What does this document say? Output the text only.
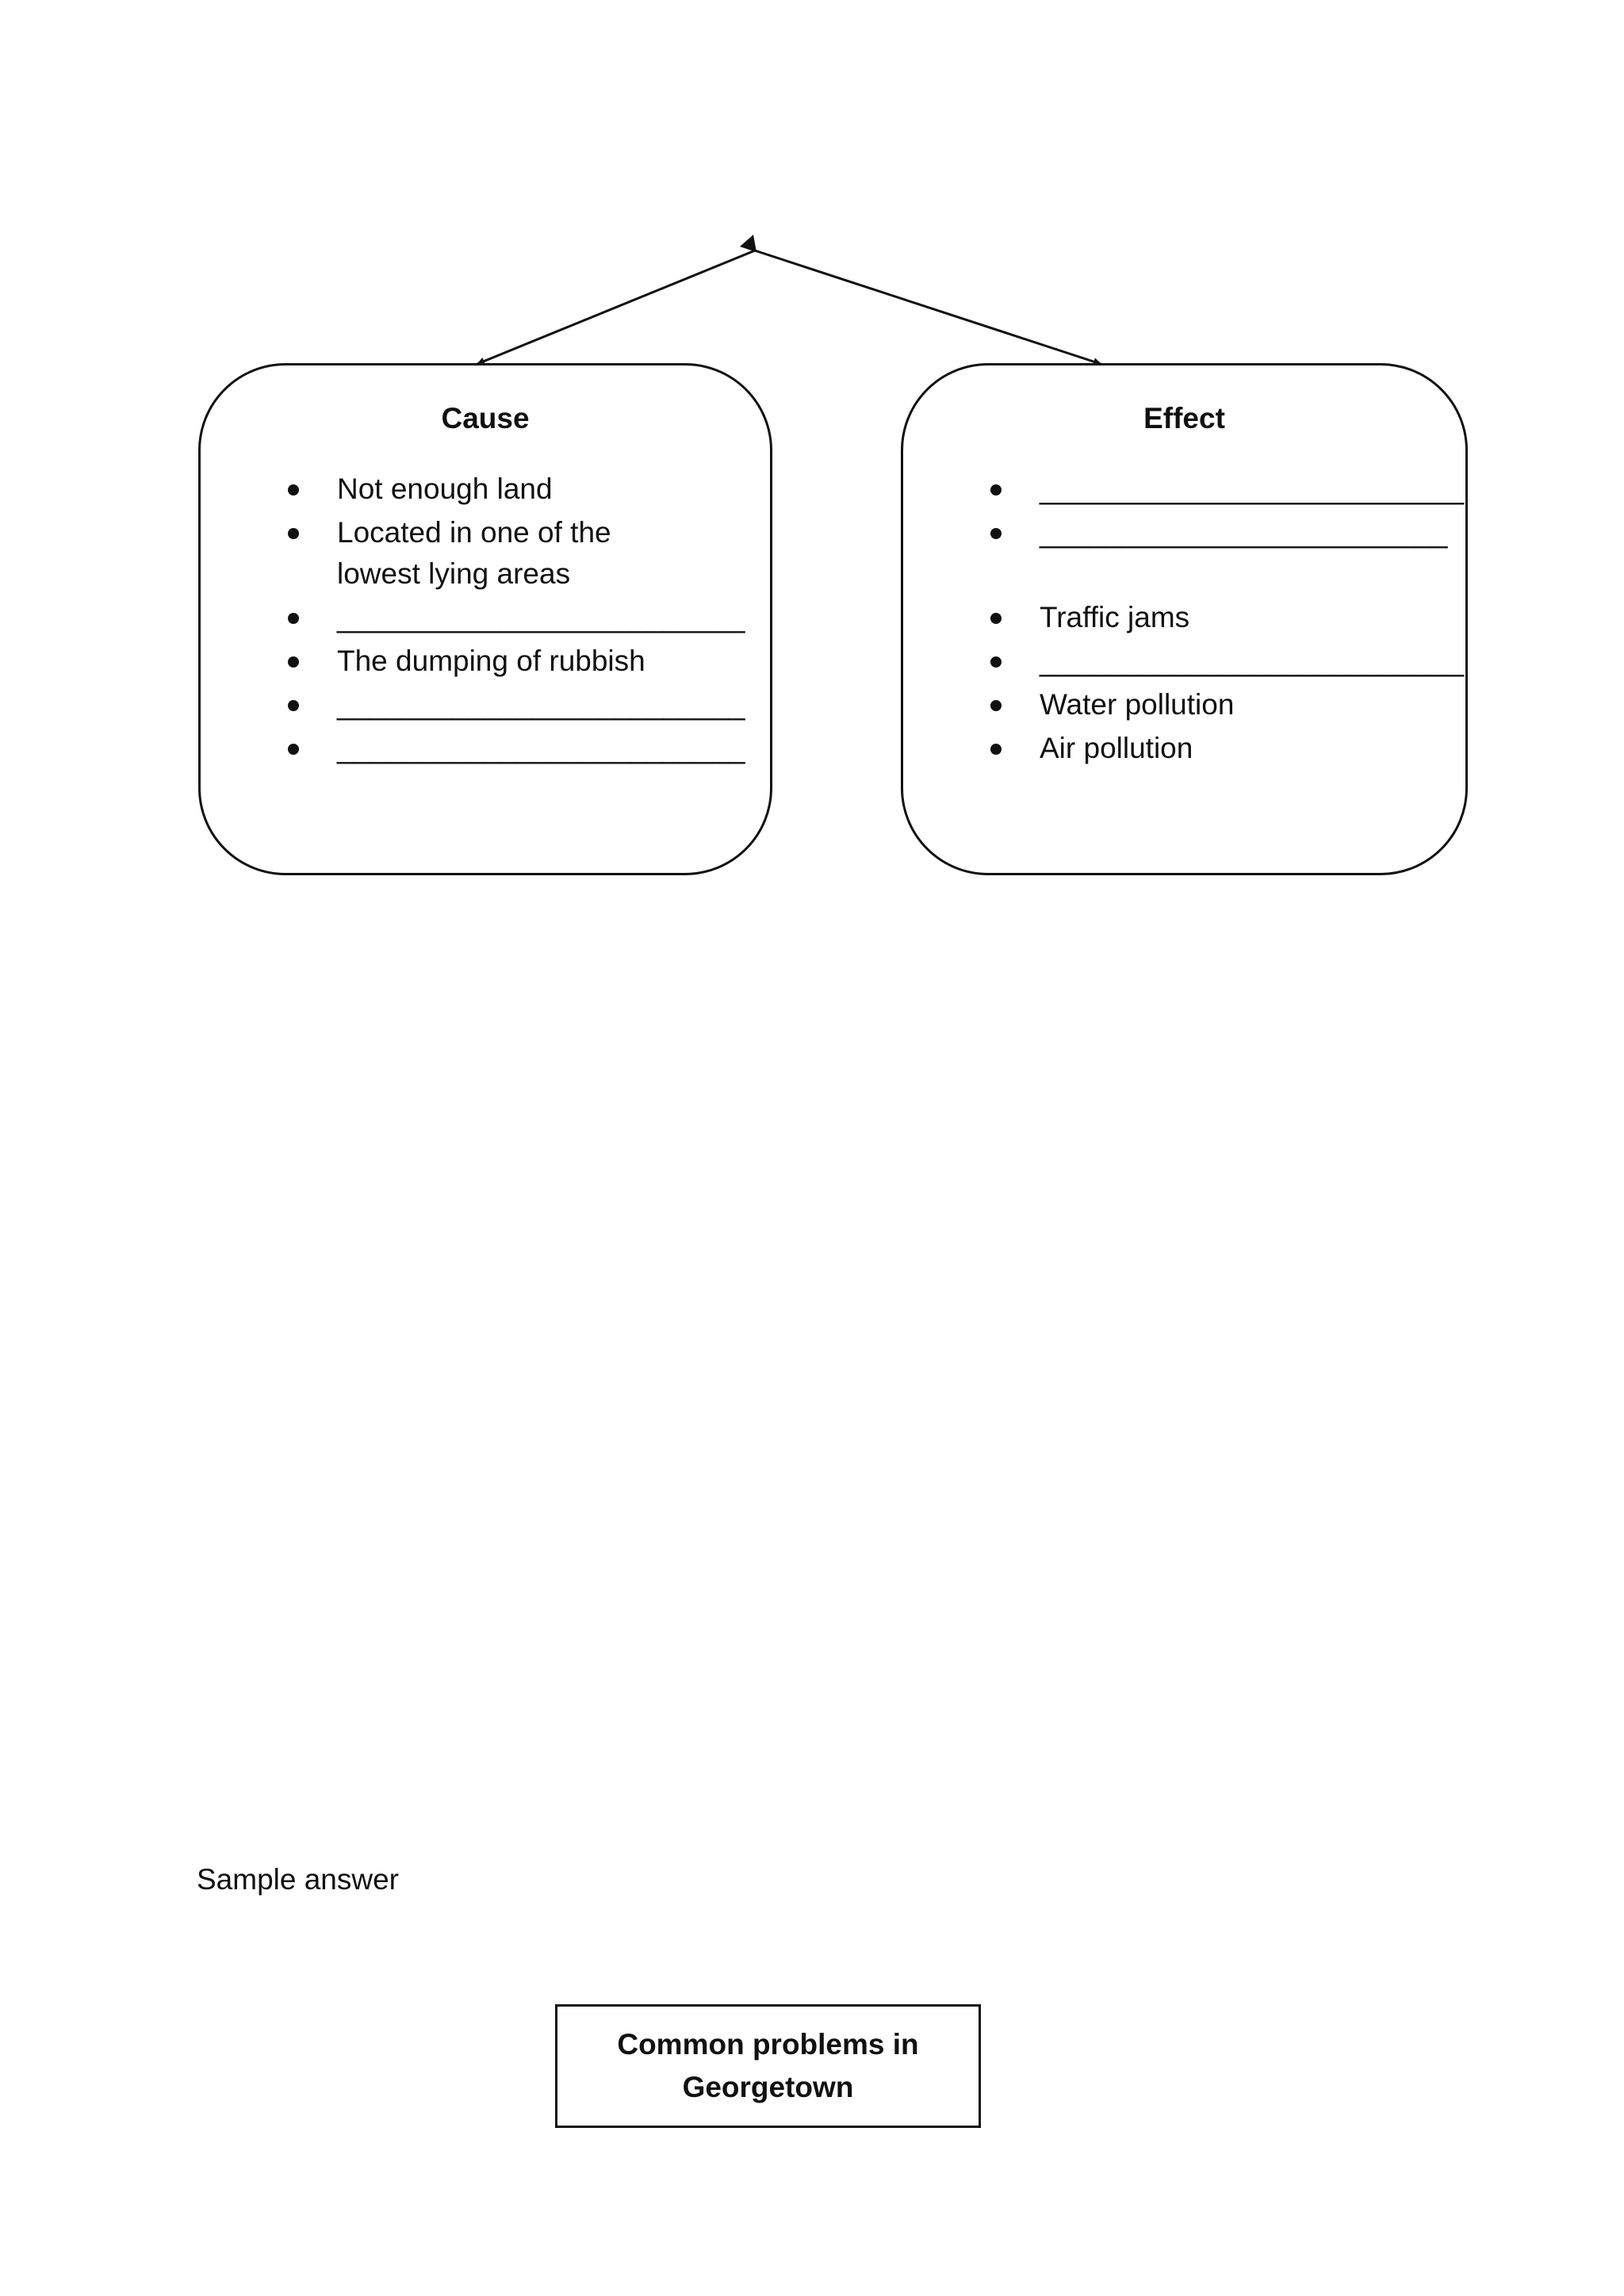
Cause
Not enough land
Located in one of the lowest lying areas
_________________________
The dumping of rubbish
_________________________
_________________________
Effect
__________________________
_________________________
Traffic jams
__________________________
Water pollution
Air pollution
Sample answer
Common problems in
Georgetown
